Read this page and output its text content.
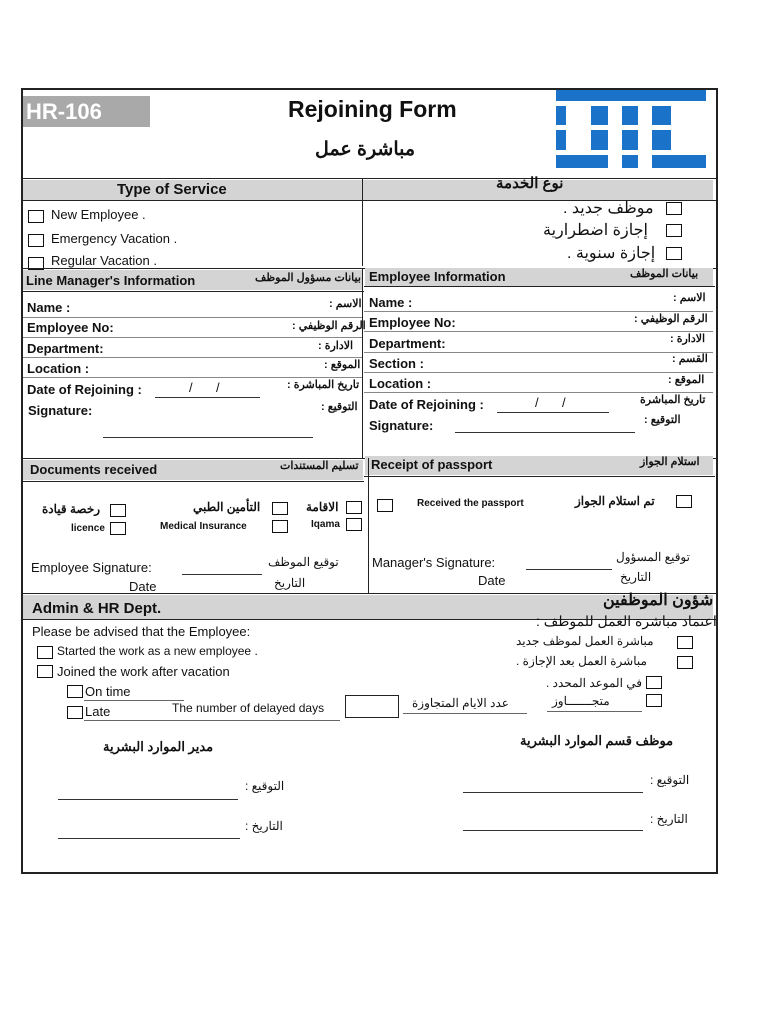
HR-106	Rejoining Form
مباشرة عمل
Type of Service	نوع الخدمة
New Employee .
Emergency Vacation .
Regular Vacation .
موظف جديد .
إجازة اضطرارية
إجازة سنوية .
Line Manager's Information	بيانات مسؤول الموظف Employee Information	بيانات الموظف
Name :	الاسم :
Employee No:	الرقم الوظيفي :
Department:	الادارة :
Location :	الموقع :
Date of Rejoining :	/ /	تاريخ المباشرة :
Signature:	التوقيع :
Name :	الاسم :
Employee No:	الرقم الوظيفي :
Department:	الادارة :
Section :	القسم :
Location :	الموقع :
Date of Rejoining :	/ /	تاريخ المباشرة
Signature:	التوقيع :
Documents received	تسليم المستندات Receipt of passport	استلام الجواز
الاقامة
Iqama
التأمين الطبي
Medical Insurance
رخصة قيادة
licence
Employee Signature:	توقيع الموظف
Date	التاريخ
Received the passport	تم استلام الجواز
Manager's Signature:	توقيع المسؤول
Date	التاريخ
Admin & HR Dept.	شؤون الموظفين
Please be advised that the Employee:
اعتماد مباشرة العمل للموظف :
Started the work as a new employee .
مباشرة العمل لموظف جديد
Joined the work after vacation
مباشرة العمل بعد الإجازة .
On time
في الموعد المحدد .
Late	The number of delayed days	عدد الايام المتجاوزة	متجـــــــاوز
مدير الموارد البشرية	موظف قسم الموارد البشرية
التوقيع :
التاريخ :
التوقيع :
التاريخ :
